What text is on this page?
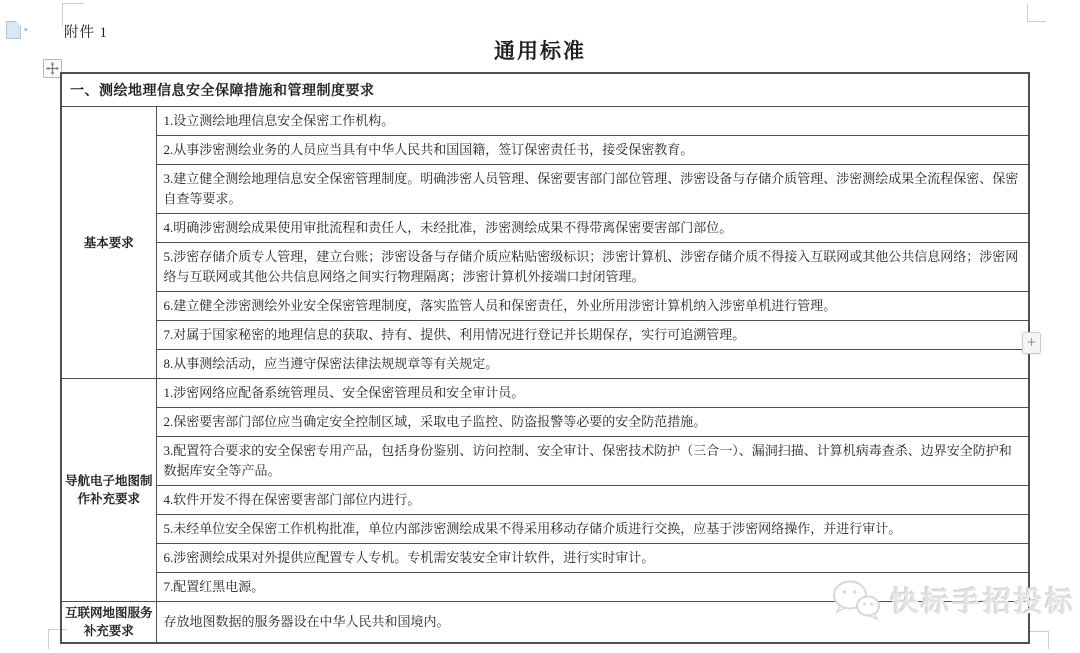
▾	附件 1
通用标准
一、测绘地理信息安全保障措施和管理制度要求	
基本要求	1.设立测绘地理信息安全保密工作机构。
	2.从事涉密测绘业务的人员应当具有中华人民共和国国籍，签订保密责任书，接受保密教育。
	3.建立健全测绘地理信息安全保密管理制度。明确涉密人员管理、保密要害部门部位管理、涉密设备与存储介质管理、涉密测绘成果全流程保密、保密自查等要求。
	4.明确涉密测绘成果使用审批流程和责任人，未经批准，涉密测绘成果不得带离保密要害部门部位。
	5.涉密存储介质专人管理，建立台账；涉密设备与存储介质应粘贴密级标识；涉密计算机、涉密存储介质不得接入互联网或其他公共信息网络；涉密网络与互联网或其他公共信息网络之间实行物理隔离；涉密计算机外接端口封闭管理。
	6.建立健全涉密测绘外业安全保密管理制度，落实监管人员和保密责任，外业所用涉密计算机纳入涉密单机进行管理。
	7.对属于国家秘密的地理信息的获取、持有、提供、利用情况进行登记并长期保存，实行可追溯管理。
	8.从事测绘活动，应当遵守保密法律法规规章等有关规定。
导航电子地图制作补充要求	1.涉密网络应配备系统管理员、安全保密管理员和安全审计员。
	2.保密要害部门部位应当确定安全控制区域，采取电子监控、防盗报警等必要的安全防范措施。
	3.配置符合要求的安全保密专用产品，包括身份鉴别、访问控制、安全审计、保密技术防护（三合一）、漏洞扫描、计算机病毒查杀、边界安全防护和数据库安全等产品。
	4.软件开发不得在保密要害部门部位内进行。
	5.未经单位安全保密工作机构批准，单位内部涉密测绘成果不得采用移动存储介质进行交换，应基于涉密网络操作，并进行审计。
	6.涉密测绘成果对外提供应配置专人专机。专机需安装安全审计软件，进行实时审计。
	7.配置红黑电源。
互联网地图服务补充要求	存放地图数据的服务器设在中华人民共和国境内。
+
快标手招投标
